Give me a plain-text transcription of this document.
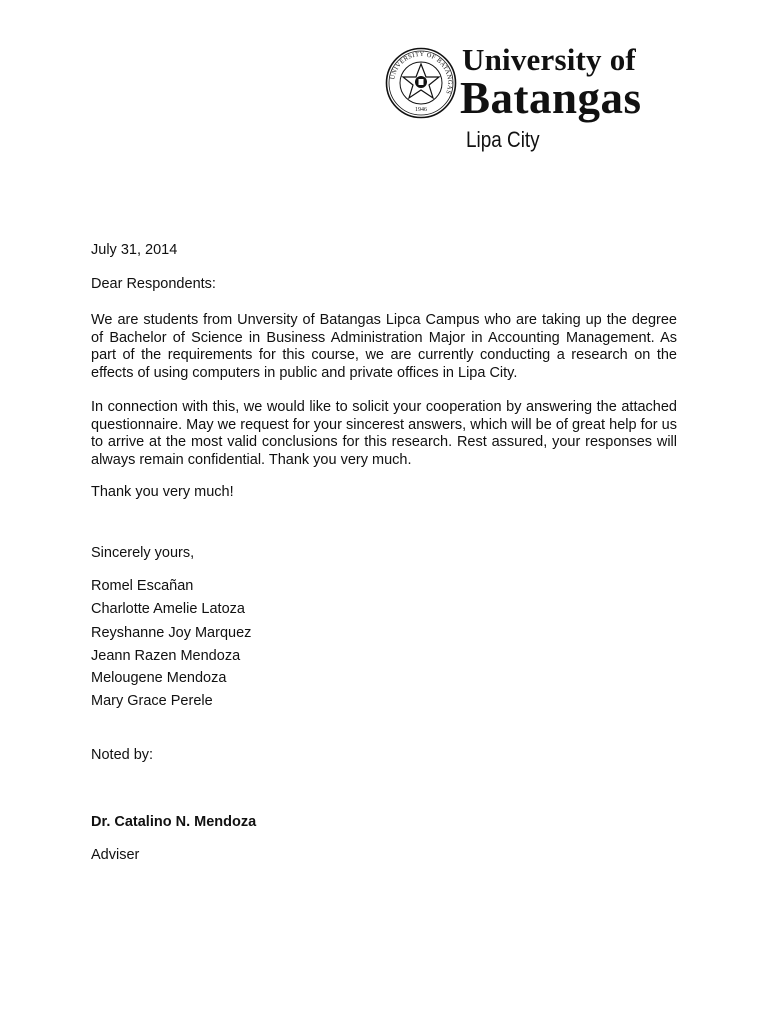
UNIVERSITY OF BATANGAS
1946
University of
Batangas
Lipa City
July 31, 2014
Dear Respondents:
We are students from Unversity of Batangas Lipca Campus who are taking up the degree of Bachelor of Science in Business Administration Major in Accounting Management. As part of the requirements for this course, we are currently conducting a research on the effects of using computers in public and private offices in Lipa City.
In connection with this, we would like to solicit your cooperation by answering the attached questionnaire. May we request for your sincerest answers, which will be of great help for us to arrive at the most valid conclusions for this research. Rest assured, your responses will always remain confidential. Thank you very much.
Thank you very much!
Sincerely yours,
Romel Escañan
Charlotte Amelie Latoza
Reyshanne Joy Marquez
Jeann Razen Mendoza
Melougene Mendoza
Mary Grace Perele
Noted by:
Dr. Catalino N. Mendoza
Adviser
